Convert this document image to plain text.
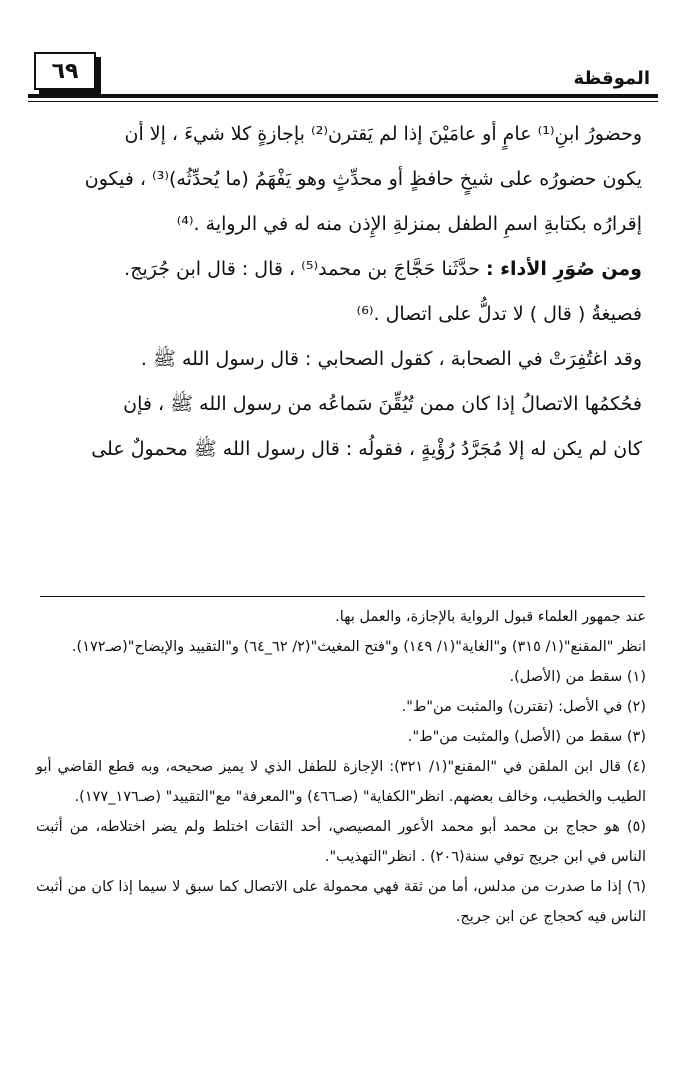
٦٩	الموقظة

وحضورُ ابنِ⁽¹⁾ عامٍ أو عامَيْنَ إذا لم يَقترن⁽²⁾ بإجازةٍ كلا شيءَ ، إلا أن

يكون حضورُه على شيخٍ حافظٍ أو محدِّثٍ وهو يَفْهَمُ (ما يُحدِّثُه)⁽³⁾ ، فيكون

إقرارُه بكتابةِ اسمِ الطفل بمنزلةِ الإِذن منه له في الرواية .⁽⁴⁾

ومن صُوَرِ الأداء : حدَّثَنا حَجَّاجَ بن محمد⁽⁵⁾ ، قال : قال ابن جُرَيج.

فصيغةُ ( قال ) لا تدلُّ على اتصال .⁽⁶⁾

وقد اغتُفِرَتْ في الصحابة ، كقول الصحابي : قال رسول الله ﷺ .

فحُكمُها الاتصالُ إذا كان ممن تُيُقِّنَ سَماعُه من رسول الله ﷺ ، فإن

كان لم يكن له إلا مُجَرَّدُ رُؤْيةٍ ، فقولُه : قال رسول الله ﷺ محمولٌ على

عند جمهور العلماء قبول الرواية بالإجازة، والعمل بها.

انظر "المقنع"(١/ ٣١٥) و"الغاية"(١/ ١٤٩) و"فتح المغيث"(٢/ ٦٢_٦٤) و"التقييد والإيضاح"(صـ١٧٢).

(١) سقط من (الأصل).

(٢) في الأصل: (تقترن) والمثبت من"ط".

(٣) سقط من (الأصل) والمثبت من"ط".

(٤) قال ابن الملقن في "المقنع"(١/ ٣٢١): الإجازة للطفل الذي لا يميز صحيحه، وبه قطع القاضي أبو الطيب والخطيب، وخالف بعضهم. انظر"الكفاية" (صـ٤٦٦) و"المعرفة" مع"التقييد" (صـ١٧٦_١٧٧).

(٥) هو حجاج بن محمد أبو محمد الأعور المصيصي، أحد الثقات اختلط ولم يضر اختلاطه، من أثبت الناس في ابن جريج توفي سنة(٢٠٦) . انظر"التهذيب".

(٦) إذا ما صدرت من مدلس، أما من ثقة فهي محمولة على الاتصال كما سبق لا سيما إذا كان من أثبت الناس فيه كحجاج عن ابن جريج.
